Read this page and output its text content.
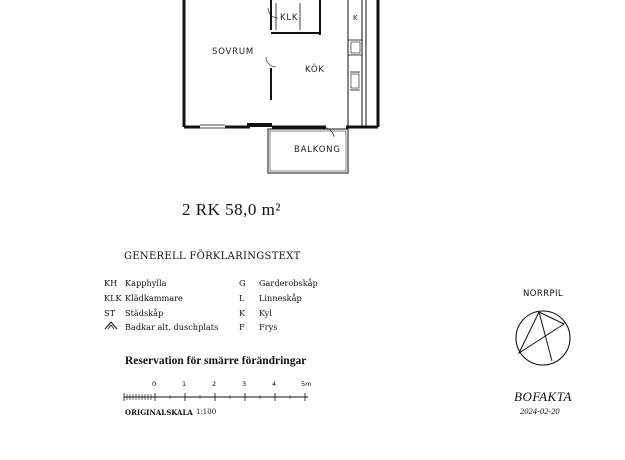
K
SOVRUM
KLK
KÖK
BALKONG
2 RK 58,0 m²
GENERELL FÖRKLARINGSTEXT
KH Kapphylla
KLK Klädkammare
ST Städskåp
Badkar alt. duschplats
G Garderobskåp
L Linneskåp
K Kyl
F Frys
Reservation för smärre förändringar
0	1	2	3	4	5m
ORIGINALSKALA 1:100
NORRPIL
BOFAKTA
2024-02-20
